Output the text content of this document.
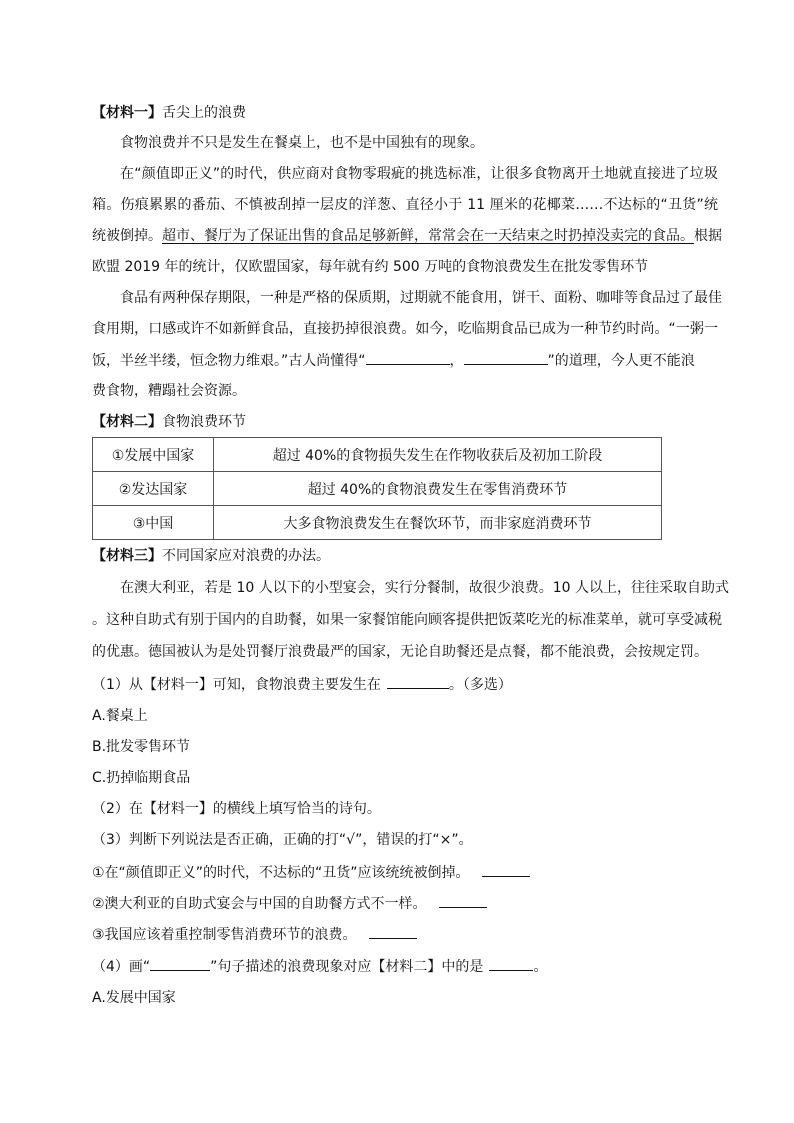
【材料一】舌尖上的浪费
食物浪费并不只是发生在餐桌上，也不是中国独有的现象。
在“颜值即正义”的时代，供应商对食物零瑕疵的挑选标准，让很多食物离开土地就直接进了垃圾
箱。伤痕累累的番茄、不慎被刮掉一层皮的洋葱、直径小于 11 厘米的花椰菜……不达标的“丑货”统
统被倒掉。超市、餐厅为了保证出售的食品足够新鲜，常常会在一天结束之时扔掉没卖完的食品。根据
欧盟 2019 年的统计，仅欧盟国家，每年就有约 500 万吨的食物浪费发生在批发零售环节
食品有两种保存期限，一种是严格的保质期，过期就不能食用，饼干、面粉、咖啡等食品过了最佳
食用期，口感或许不如新鲜食品，直接扔掉很浪费。如今，吃临期食品已成为一种节约时尚。“一粥一
饭，半丝半缕，恒念物力维艰。”古人尚懂得“	，	”的道理，今人更不能浪
费食物，糟蹋社会资源。
【材料二】食物浪费环节
①发展中国家	超过 40%的食物损失发生在作物收获后及初加工阶段
②发达国家	超过 40%的食物浪费发生在零售消费环节
③中国	大多食物浪费发生在餐饮环节，而非家庭消费环节
【材料三】不同国家应对浪费的办法。
在澳大利亚，若是 10 人以下的小型宴会，实行分餐制，故很少浪费。10 人以上，往往采取自助式
。这种自助式有别于国内的自助餐，如果一家餐馆能向顾客提供把饭菜吃光的标准菜单，就可享受减税
的优惠。德国被认为是处罚餐厅浪费最严的国家，无论自助餐还是点餐，都不能浪费，会按规定罚。
（1）从【材料一】可知，食物浪费主要发生在	。（多选）
A.餐桌上
B.批发零售环节
C.扔掉临期食品
（2）在【材料一】的横线上填写恰当的诗句。
（3）判断下列说法是否正确，正确的打“√”，错误的打“×”。
①在“颜值即正义”的时代，不达标的“丑货”应该统统被倒掉。
②澳大利亚的自助式宴会与中国的自助餐方式不一样。
③我国应该着重控制零售消费环节的浪费。
（4）画“	”句子描述的浪费现象对应【材料二】中的是	。
A.发展中国家
